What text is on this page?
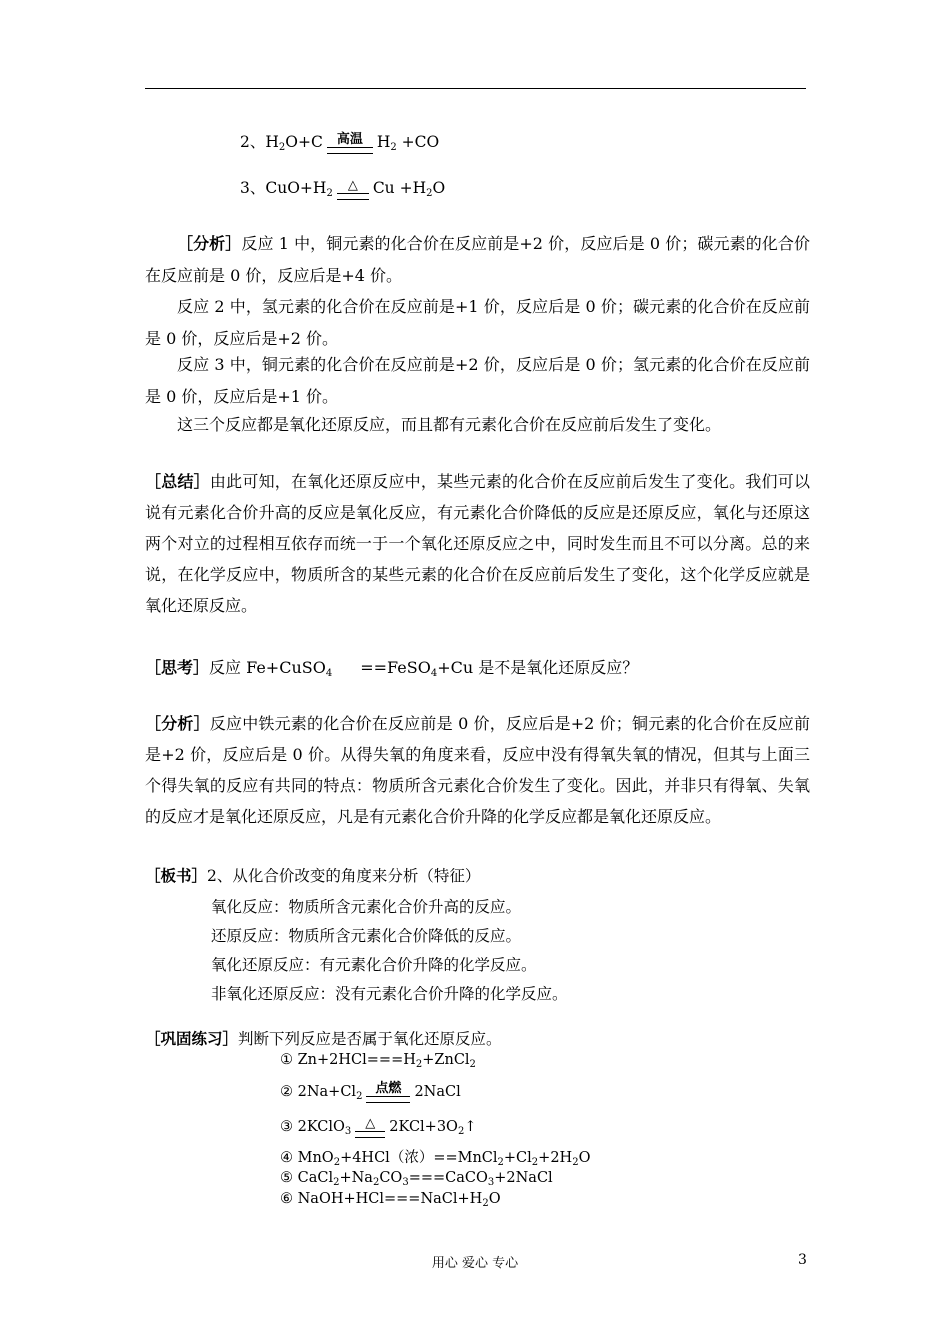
2、$H_2O+C$	高温 $H_2 +CO$
3、$CuO+H_2$
△ $Cu +H_2O$
［分析］反应 1 中，铜元素的化合价在反应前是+2 价，反应后是 0 价；碳元素的化合价在反应前是 0 价，反应后是+4 价。
反应 2 中，氢元素的化合价在反应前是+1 价，反应后是 0 价；碳元素的化合价在反应前是 0 价，反应后是+2 价。
反应 3 中，铜元素的化合价在反应前是+2 价，反应后是 0 价；氢元素的化合价在反应前是 0 价，反应后是+1 价。
这三个反应都是氧化还原反应，而且都有元素化合价在反应前后发生了变化。
［总结］由此可知，在氧化还原反应中，某些元素的化合价在反应前后发生了变化。我们可以说有元素化合价升高的反应是氧化反应，有元素化合价降低的反应是还原反应，氧化与还原这两个对立的过程相互依存而统一于一个氧化还原反应之中，同时发生而且不可以分离。总的来说，在化学反应中，物质所含的某些元素的化合价在反应前后发生了变化，这个化学反应就是氧化还原反应。
［思考］反应 Fe+CuSO$_4$ ==FeSO$_4$+Cu 是不是氧化还原反应？
［分析］反应中铁元素的化合价在反应前是 0 价，反应后是+2 价；铜元素的化合价在反应前是+2 价，反应后是 0 价。从得失氧的角度来看，反应中没有得氧失氧的情况，但其与上面三个得失氧的反应有共同的特点：物质所含元素化合价发生了变化。因此，并非只有得氧、失氧的反应才是氧化还原反应，凡是有元素化合价升降的化学反应都是氧化还原反应。
［板书］2、从化合价改变的角度来分析（特征）
氧化反应：物质所含元素化合价升高的反应。
还原反应：物质所含元素化合价降低的反应。
氧化还原反应：有元素化合价升降的化学反应。
非氧化还原反应：没有元素化合价升降的化学反应。
［巩固练习］判断下列反应是否属于氧化还原反应。
① $Zn+2HCl===H_2+ZnCl_2$
② $2Na+Cl_2$
点燃 2NaCl
③ 2KClO$_3$
△ $2KCl+3O_2↑$
④ MnO$_2$+4HCl（浓）$==MnCl_2+Cl_2+2H_2O$
⑤ $CaCl_2+Na_2CO_3===CaCO_3+2NaCl$
⑥ $NaOH+HCl===NaCl+H_2O$
用心 爱心 专心	3
